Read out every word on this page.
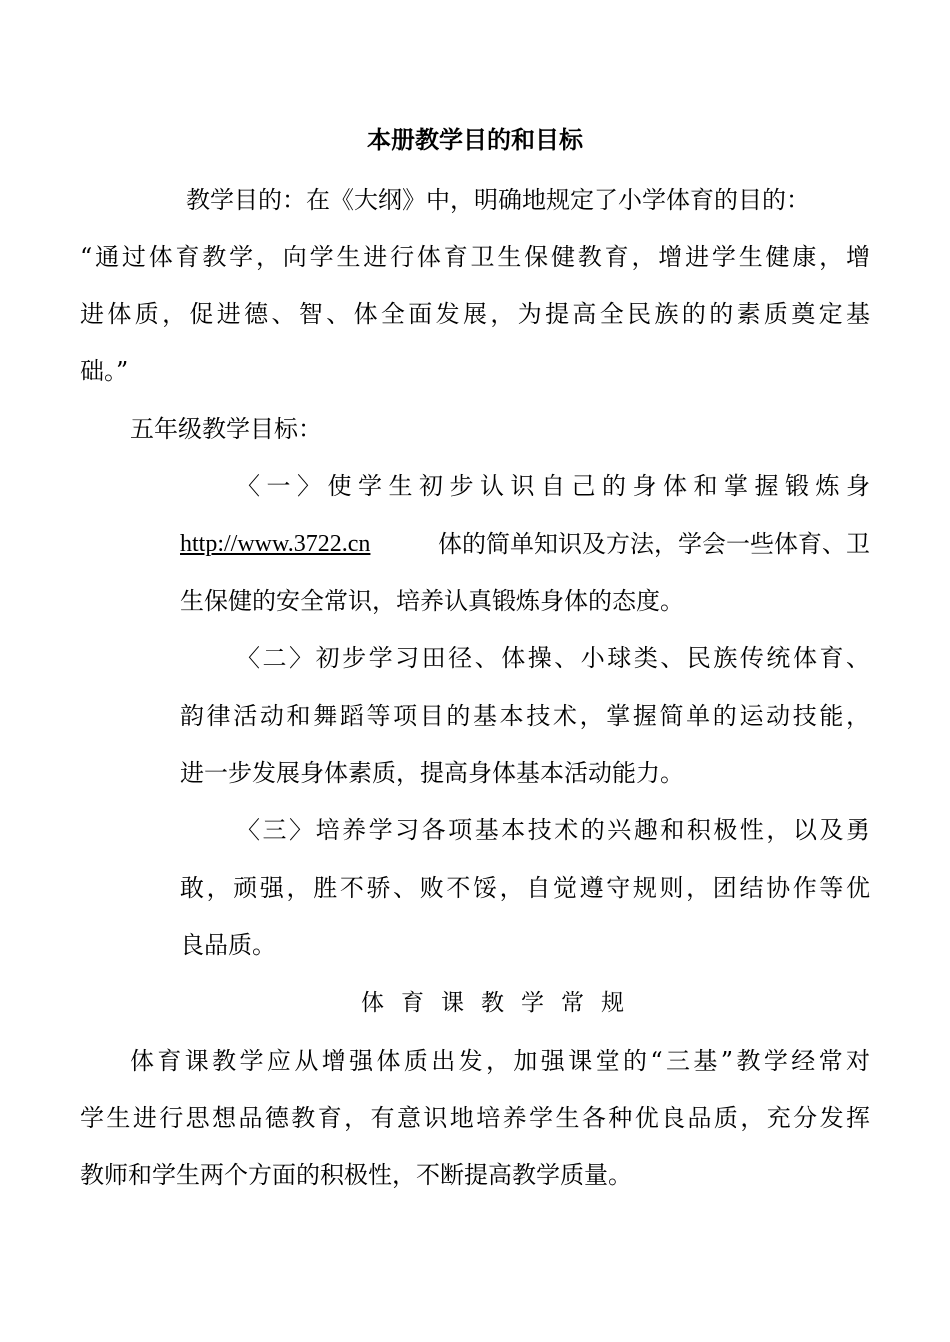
本册教学目的和目标
教学目的：在《大纲》中，明确地规定了小学体育的目的：
“通过体育教学，向学生进行体育卫生保健教育，增进学生健康，增
进体质，促进德、智、体全面发展，为提高全民族的的素质奠定基
础。”
五年级教学目标：
〈一〉使学生初步认识自己的身体和掌握锻炼身
http://www.3722.cn	体的简单知识及方法，学会一些体育、卫
生保健的安全常识，培养认真锻炼身体的态度。
〈二〉初步学习田径、体操、小球类、民族传统体育、
韵律活动和舞蹈等项目的基本技术，掌握简单的运动技能，
进一步发展身体素质，提高身体基本活动能力。
〈三〉培养学习各项基本技术的兴趣和积极性，以及勇
敢，顽强，胜不骄、败不馁，自觉遵守规则，团结协作等优
良品质。
体育课教学常规
体育课教学应从增强体质出发，加强课堂的“三基”教学经常对
学生进行思想品德教育，有意识地培养学生各种优良品质，充分发挥
教师和学生两个方面的积极性，不断提高教学质量。
